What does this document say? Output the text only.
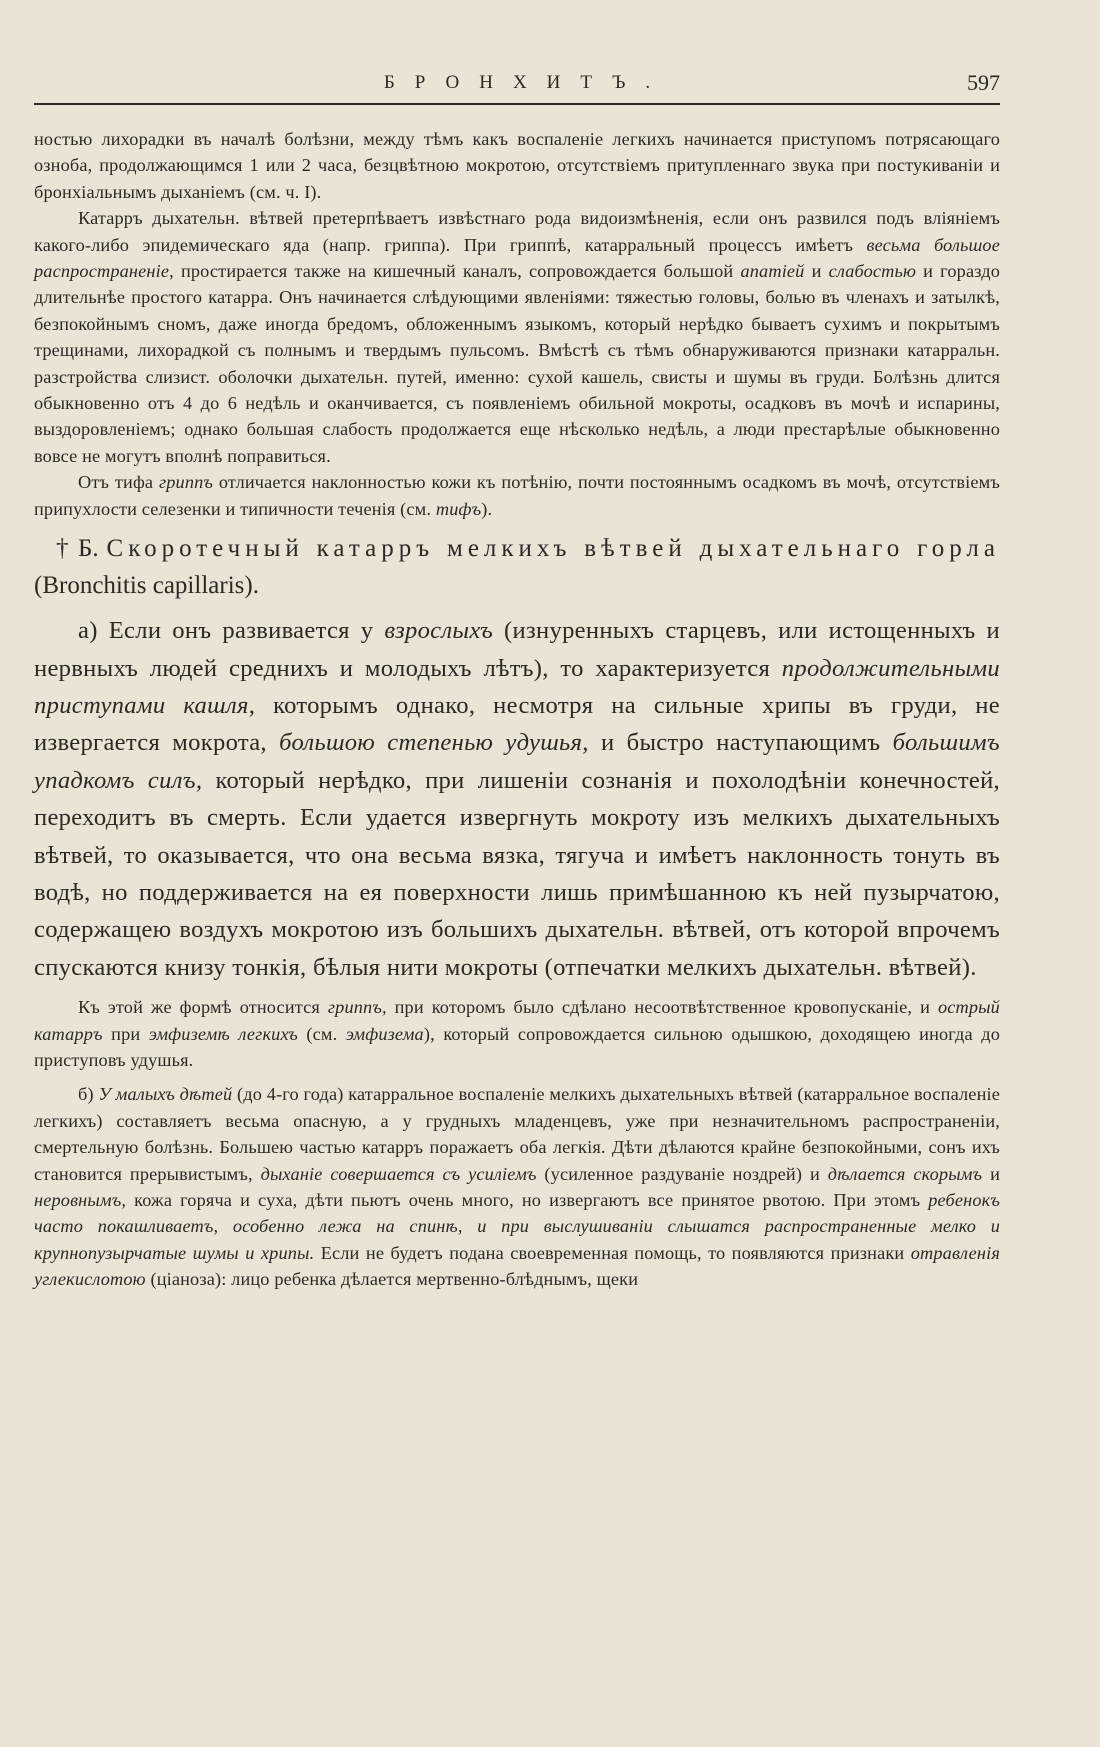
БРОНХИТЪ.	597

ностью лихорадки въ началѣ болѣзни, между тѣмъ какъ воспаленіе легкихъ начинается приступомъ потрясающаго озноба, продолжающимся 1 или 2 часа, безцвѣтною мокротою, отсутствіемъ притупленнаго звука при постукиваніи и бронхіальнымъ дыханіемъ (см. ч. I).

Катарръ дыхательн. вѣтвей претерпѣваетъ извѣстнаго рода видоизмѣненія, если онъ развился подъ вліяніемъ какого-либо эпидемическаго яда (напр. гриппа). При гриппѣ, катарральный процессъ имѣетъ весьма большое распространеніе, простирается также на кишечный каналъ, сопровождается большой апатіей и слабостью и гораздо длительнѣе простого катарра. Онъ начинается слѣдующими явленіями: тяжестью головы, болью въ членахъ и затылкѣ, безпокойнымъ сномъ, даже иногда бредомъ, обложеннымъ языкомъ, который нерѣдко бываетъ сухимъ и покрытымъ трещинами, лихорадкой съ полнымъ и твердымъ пульсомъ. Вмѣстѣ съ тѣмъ обнаруживаются признаки катарральн. разстройства слизист. оболочки дыхательн. путей, именно: сухой кашель, свисты и шумы въ груди. Болѣзнь длится обыкновенно отъ 4 до 6 недѣль и оканчивается, съ появленіемъ обильной мокроты, осадковъ въ мочѣ и испарины, выздоровленіемъ; однако большая слабость продолжается еще нѣсколько недѣль, а люди престарѣлые обыкновенно вовсе не могутъ вполнѣ поправиться.

Отъ тифа гриппъ отличается наклонностью кожи къ потѣнію, почти постояннымъ осадкомъ въ мочѣ, отсутствіемъ припухлости селезенки и типичности теченія (см. тифъ).

† Б. Скоротечный катарръ мелкихъ вѣтвей дыхательнаго горла (Bronchitis capillaris).

а) Если онъ развивается у взрослыхъ (изнуренныхъ старцевъ, или истощенныхъ и нервныхъ людей среднихъ и молодыхъ лѣтъ), то характеризуется продолжительными приступами кашля, которымъ однако, несмотря на сильные хрипы въ груди, не извергается мокрота, большою степенью удушья, и быстро наступающимъ большимъ упадкомъ силъ, который нерѣдко, при лишеніи сознанія и похолодѣніи конечностей, переходитъ въ смерть. Если удается извергнуть мокроту изъ мелкихъ дыхательныхъ вѣтвей, то оказывается, что она весьма вязка, тягуча и имѣетъ наклонность тонуть въ водѣ, но поддерживается на ея поверхности лишь примѣшанною къ ней пузырчатою, содержащею воздухъ мокротою изъ большихъ дыхательн. вѣтвей, отъ которой впрочемъ спускаются книзу тонкія, бѣлыя нити мокроты (отпечатки мелкихъ дыхательн. вѣтвей).

Къ этой же формѣ относится гриппъ, при которомъ было сдѣлано несоотвѣтственное кровопусканіе, и острый катарръ при эмфиземѣ легкихъ (см. эмфизема), который сопровождается сильною одышкою, доходящею иногда до приступовъ удушья.

б) У малыхъ дѣтей (до 4-го года) катарральное воспаленіе мелкихъ дыхательныхъ вѣтвей (катарральное воспаленіе легкихъ) составляетъ весьма опасную, а у грудныхъ младенцевъ, уже при незначительномъ распространеніи, смертельную болѣзнь. Большею частью катарръ поражаетъ оба легкія. Дѣти дѣлаются крайне безпокойными, сонъ ихъ становится прерывистымъ, дыханіе совершается съ усиліемъ (усиленное раздуваніе ноздрей) и дѣлается скорымъ и неровнымъ, кожа горяча и суха, дѣти пьютъ очень много, но извергаютъ все принятое рвотою. При этомъ ребенокъ часто покашливаетъ, особенно лежа на спинѣ, и при выслушиваніи слышатся распространенные мелко и крупнопузырчатые шумы и хрипы. Если не будетъ подана своевременная помощь, то появляются признаки отравленія углекислотою (ціаноза): лицо ребенка дѣлается мертвенно-блѣднымъ, щеки
